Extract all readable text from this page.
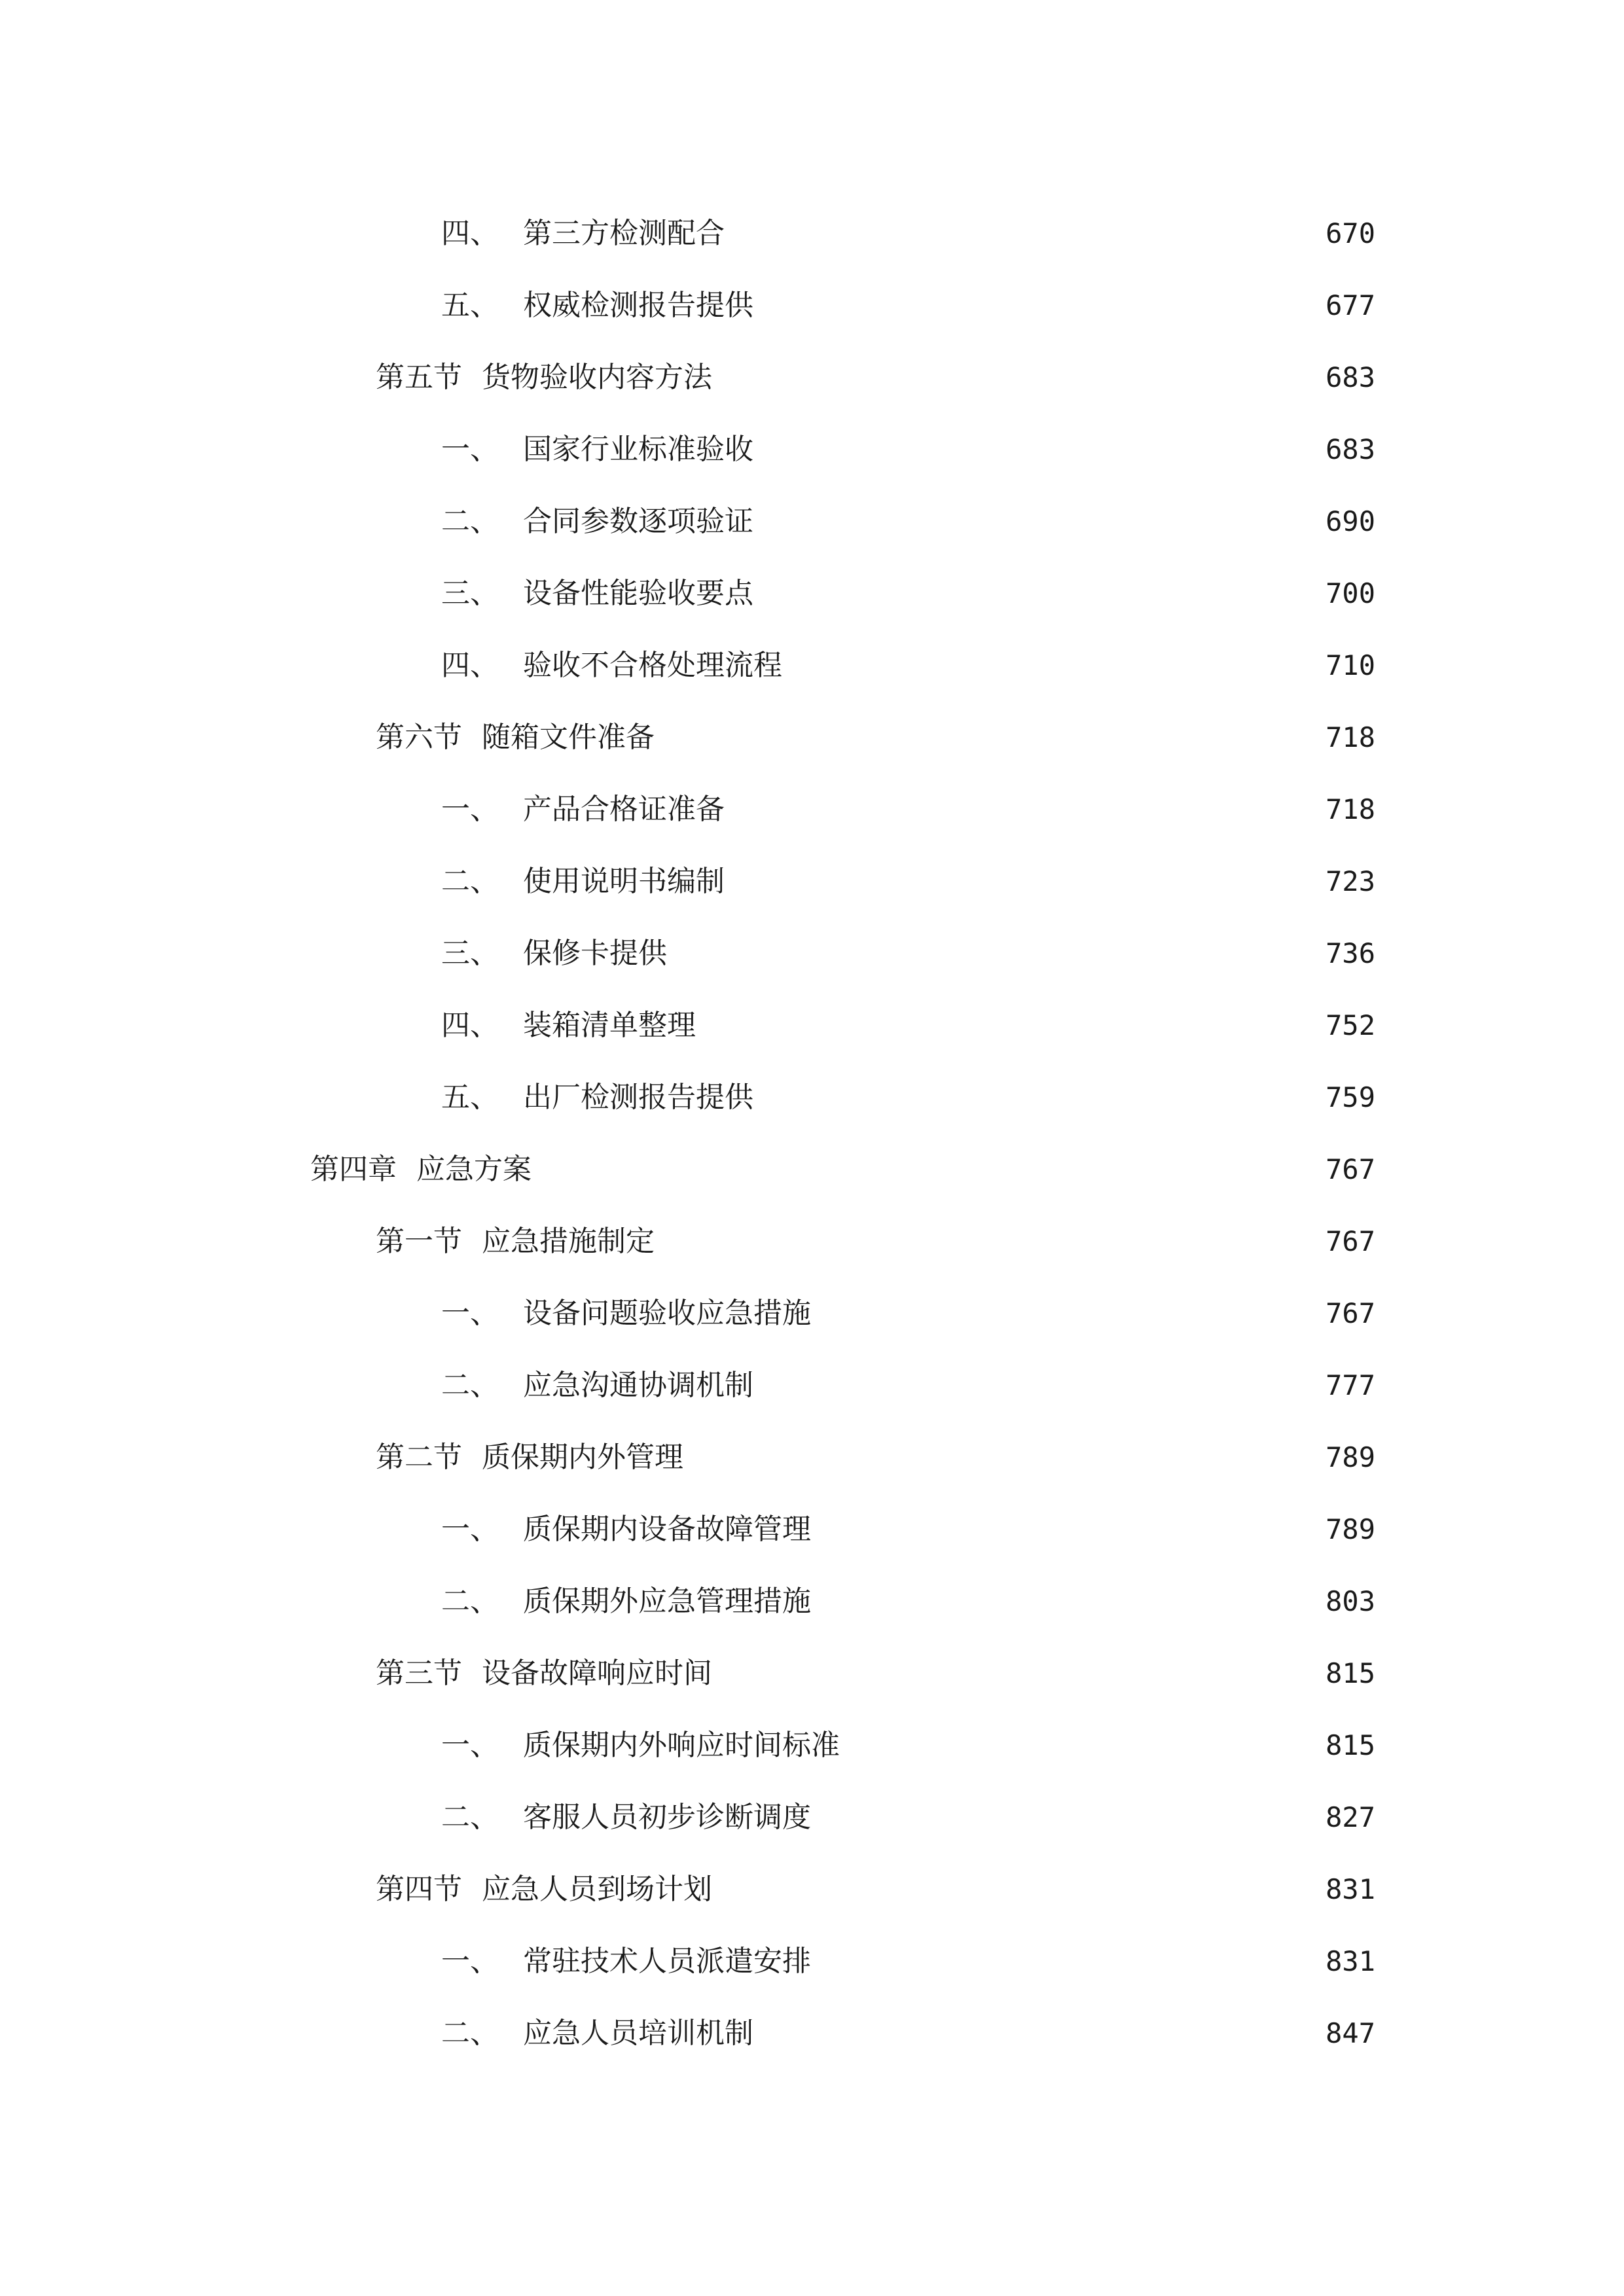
四、 第三方检测配合	670
五、 权威检测报告提供	677
第五节 货物验收内容方法	683
一、 国家行业标准验收	683
二、 合同参数逐项验证	690
三、 设备性能验收要点	700
四、 验收不合格处理流程	710
第六节 随箱文件准备	718
一、 产品合格证准备	718
二、 使用说明书编制	723
三、 保修卡提供	736
四、 装箱清单整理	752
五、 出厂检测报告提供	759
第四章 应急方案	767
第一节 应急措施制定	767
一、 设备问题验收应急措施	767
二、 应急沟通协调机制	777
第二节 质保期内外管理	789
一、 质保期内设备故障管理	789
二、 质保期外应急管理措施	803
第三节 设备故障响应时间	815
一、 质保期内外响应时间标准	815
二、 客服人员初步诊断调度	827
第四节 应急人员到场计划	831
一、 常驻技术人员派遣安排	831
二、 应急人员培训机制	847
